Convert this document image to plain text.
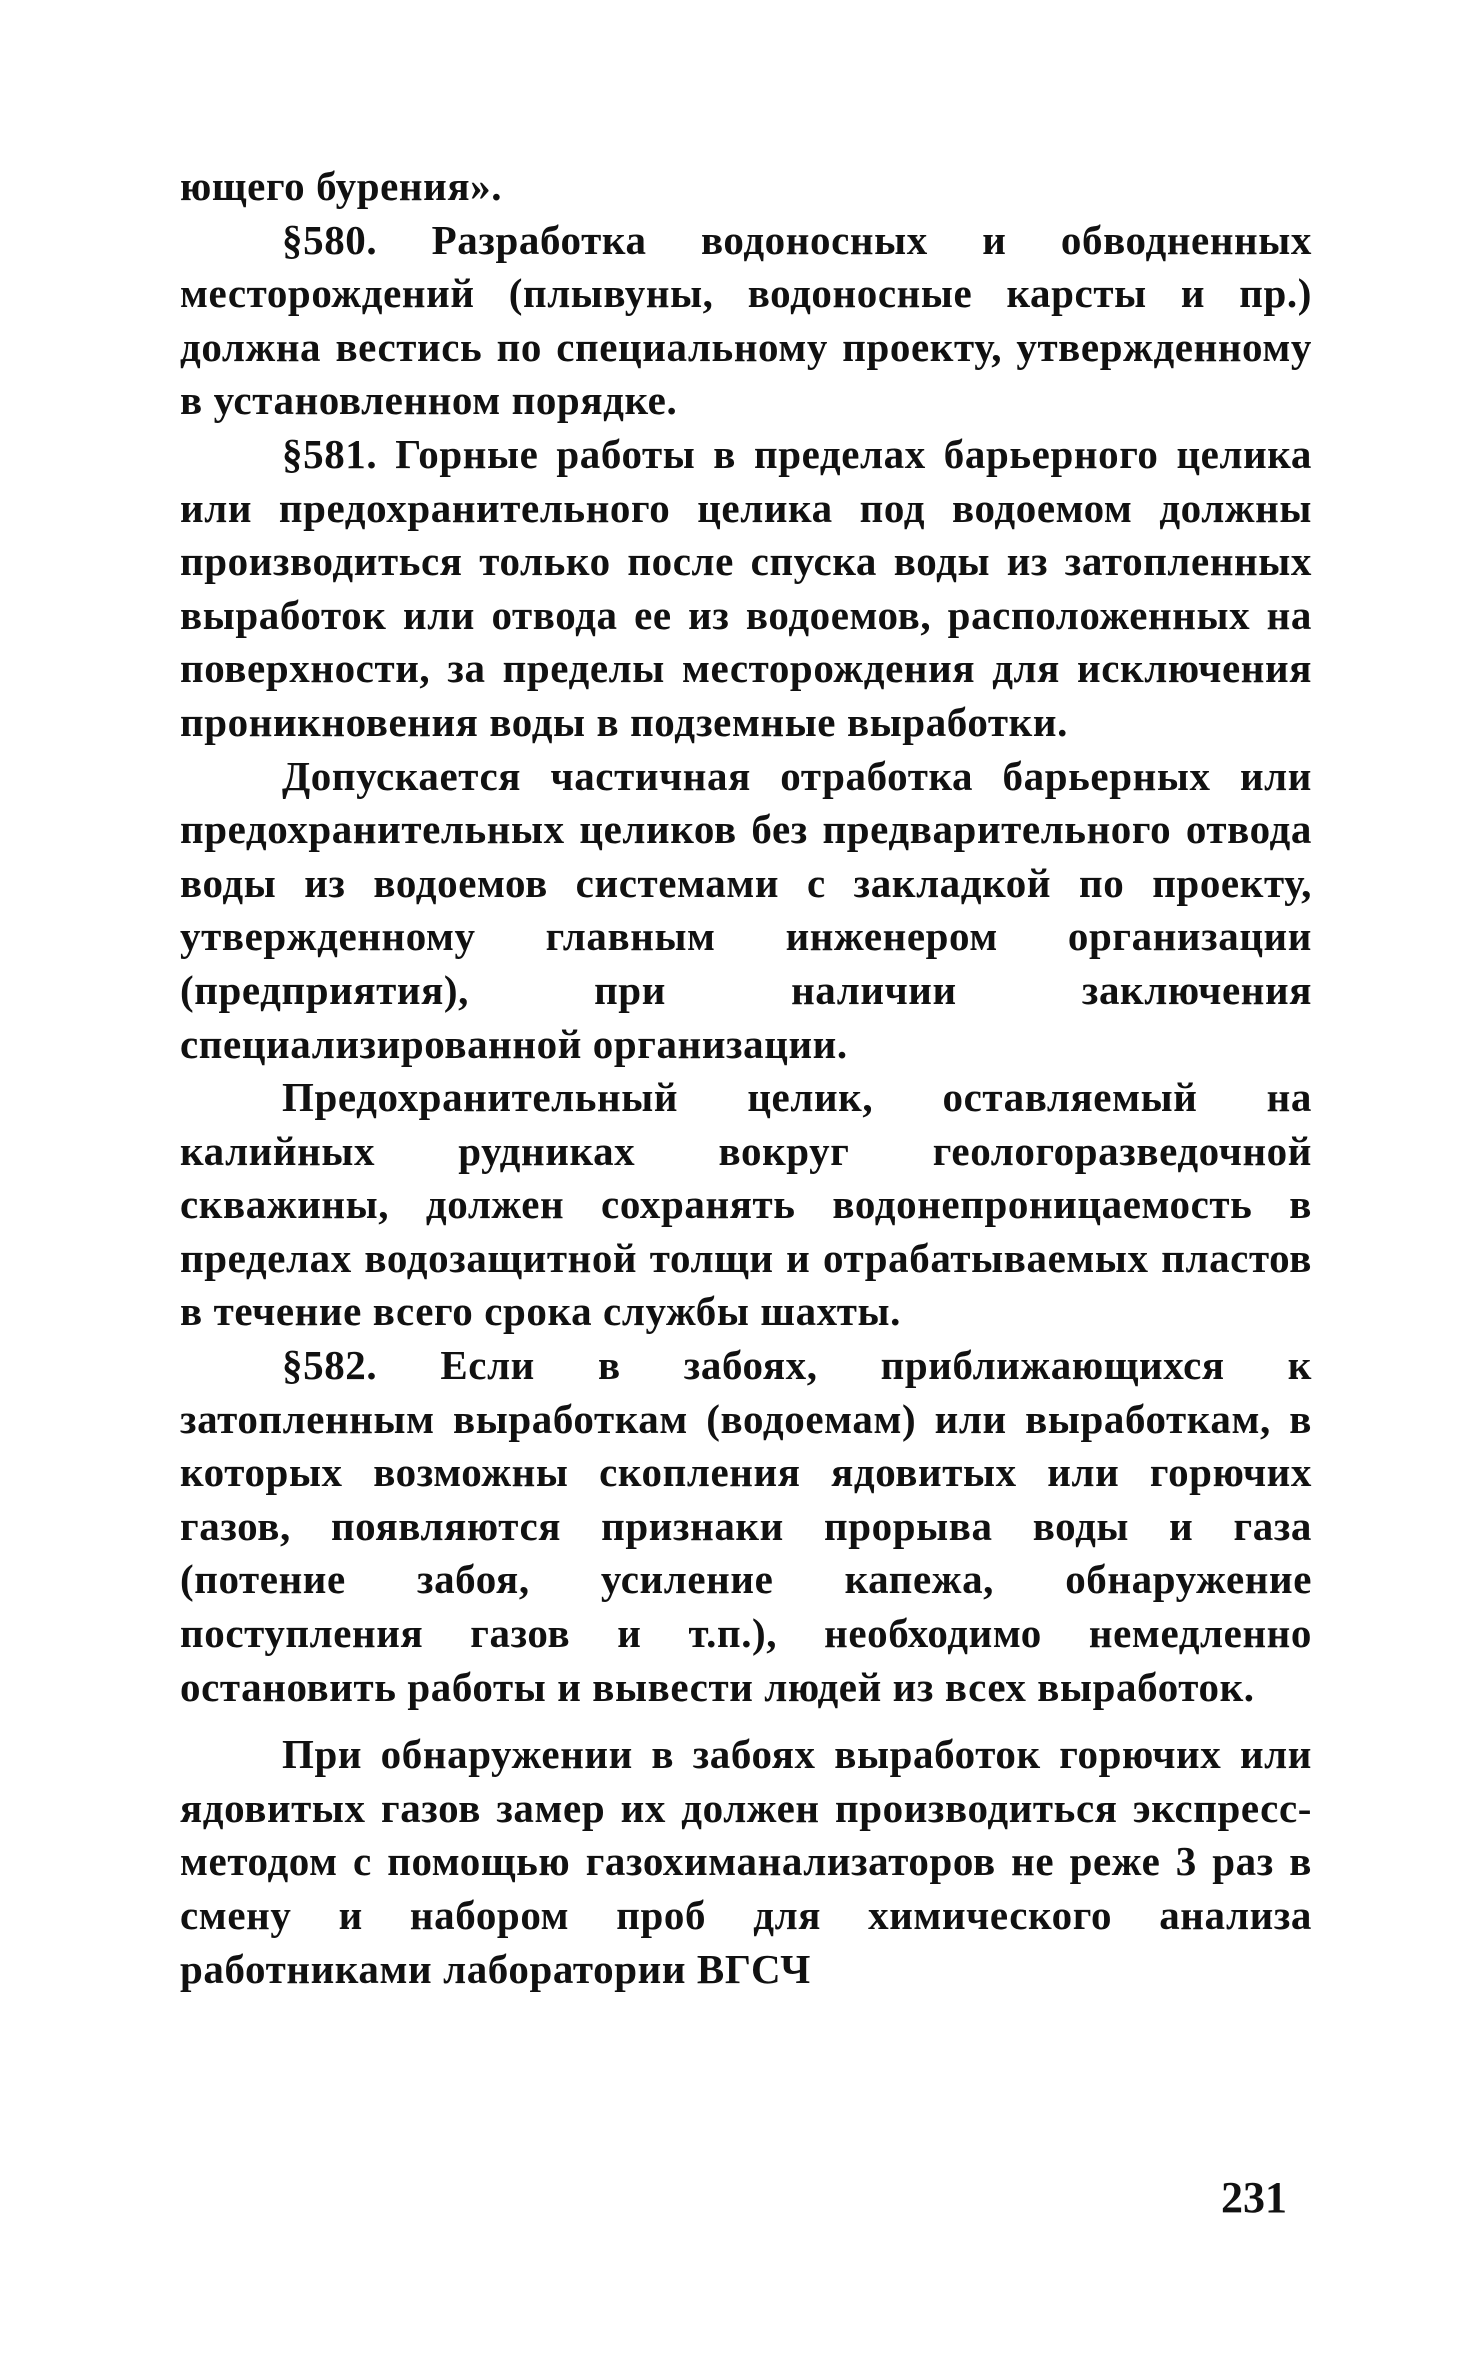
ющего бурения».

§580. Разработка водоносных и обводненных месторождений (плывуны, водоносные карсты и пр.) должна вестись по специальному проекту, утвержденному в установленном порядке.

§581. Горные работы в пределах барьерного целика или предохранительного целика под водоемом должны производиться только после спуска воды из затопленных выработок или отвода ее из водоемов, расположенных на поверхности, за пределы месторождения для исключения проникновения воды в подземные выработки.

Допускается частичная отработка барьерных или предохранительных целиков без предварительного отвода воды из водоемов системами с закладкой по проекту, утвержденному главным инженером организации (предприятия), при наличии заключения специализированной организации.

Предохранительный целик, оставляемый на калийных рудниках вокруг геологоразведочной скважины, должен сохранять водонепроницаемость в пределах водозащитной толщи и отрабатываемых пластов в течение всего срока службы шахты.

§582. Если в забоях, приближающихся к затопленным выработкам (водоемам) или выработкам, в которых возможны скопления ядовитых или горючих газов, появляются признаки прорыва воды и газа (потение забоя, усиление капежа, обнаружение поступления газов и т.п.), необходимо немедленно остановить работы и вывести людей из всех выработок.

При обнаружении в забоях выработок горючих или ядовитых газов замер их должен производиться экспресс-методом с помощью газохиманализаторов не реже 3 раз в смену и набором проб для химического анализа работниками лаборатории ВГСЧ

231
